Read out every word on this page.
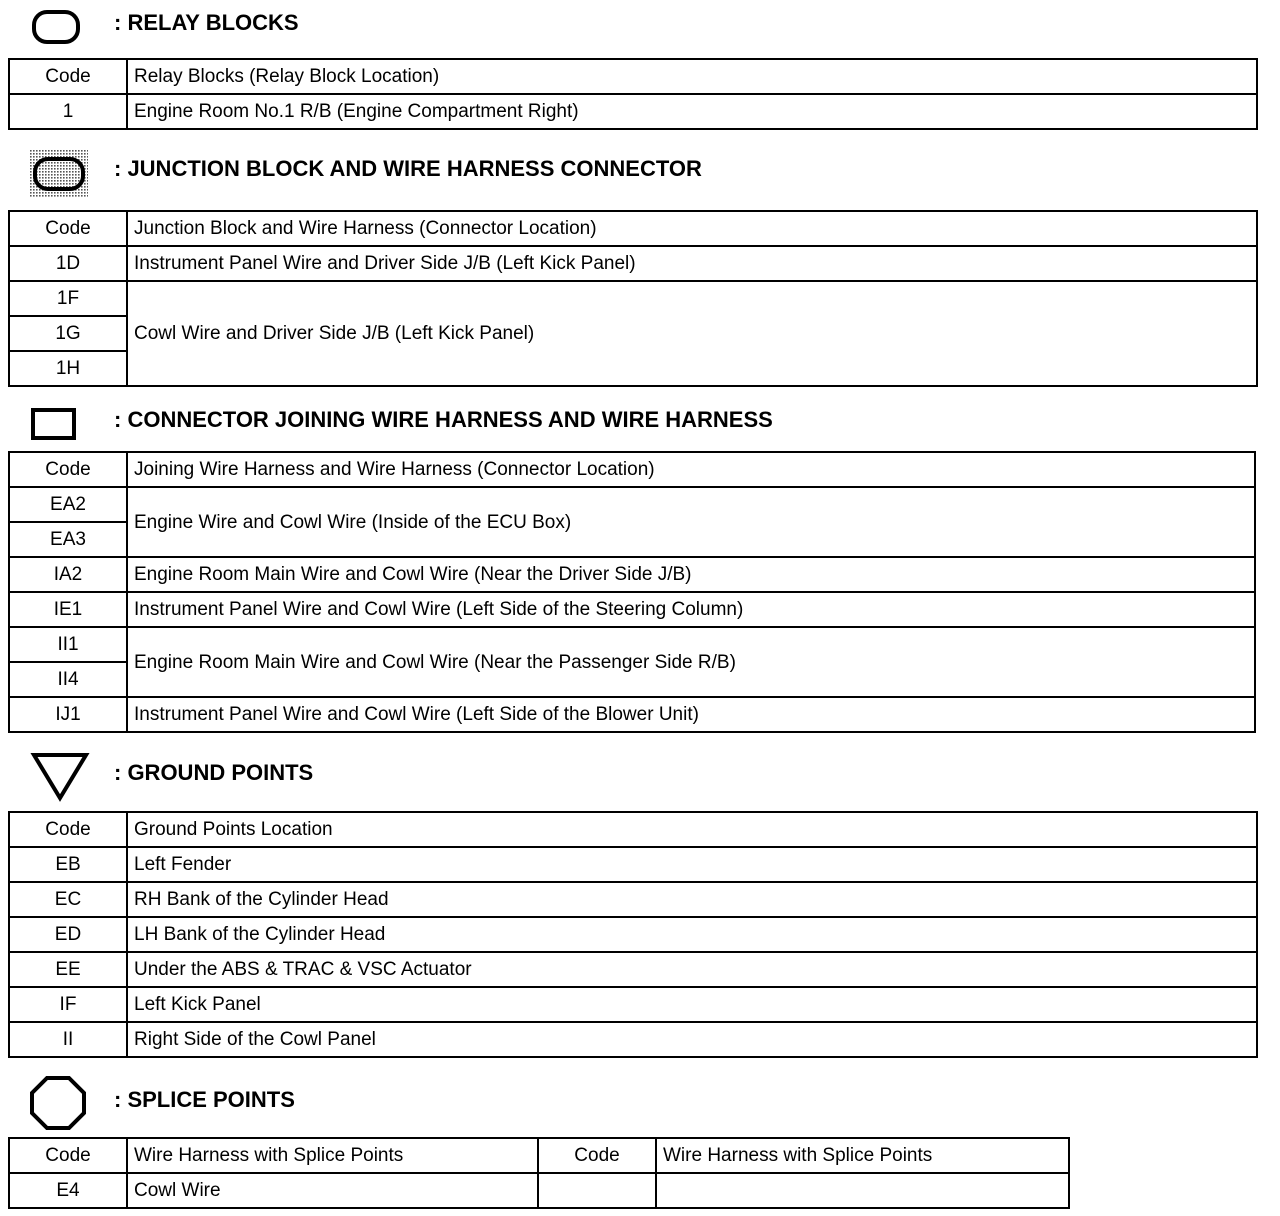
: RELAY BLOCKS
Code	Relay Blocks (Relay Block Location)
1	Engine Room No.1 R/B (Engine Compartment Right)
: JUNCTION BLOCK AND WIRE HARNESS CONNECTOR
Code	Junction Block and Wire Harness (Connector Location)
1D	Instrument Panel Wire and Driver Side J/B (Left Kick Panel)
1F	Cowl Wire and Driver Side J/B (Left Kick Panel)
1G	
1H	
: CONNECTOR JOINING WIRE HARNESS AND WIRE HARNESS
Code	Joining Wire Harness and Wire Harness (Connector Location)
EA2	Engine Wire and Cowl Wire (Inside of the ECU Box)
EA3	
IA2	Engine Room Main Wire and Cowl Wire (Near the Driver Side J/B)
IE1	Instrument Panel Wire and Cowl Wire (Left Side of the Steering Column)
II1	Engine Room Main Wire and Cowl Wire (Near the Passenger Side R/B)
II4	
IJ1	Instrument Panel Wire and Cowl Wire (Left Side of the Blower Unit)
: GROUND POINTS
Code	Ground Points Location
EB	Left Fender
EC	RH Bank of the Cylinder Head
ED	LH Bank of the Cylinder Head
EE	Under the ABS & TRAC & VSC Actuator
IF	Left Kick Panel
II	Right Side of the Cowl Panel
: SPLICE POINTS
Code	Wire Harness with Splice Points	Code	Wire Harness with Splice Points
E4	Cowl Wire		
